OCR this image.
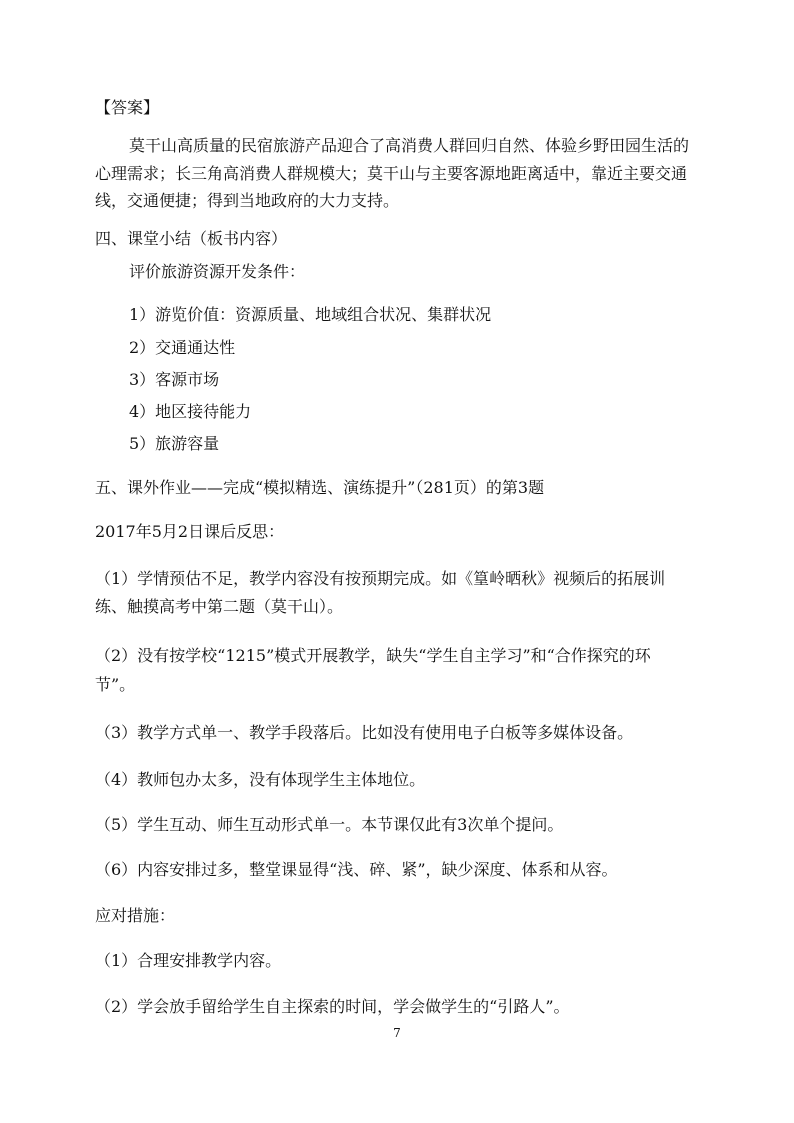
【答案】
莫干山高质量的民宿旅游产品迎合了高消费人群回归自然、体验乡野田园生活的
心理需求；长三角高消费人群规模大；莫干山与主要客源地距离适中，靠近主要交通
线，交通便捷；得到当地政府的大力支持。
四、课堂小结（板书内容）
评价旅游资源开发条件：
1）游览价值：资源质量、地域组合状况、集群状况
2）交通通达性
3）客源市场
4）地区接待能力
5）旅游容量
五、课外作业——完成“模拟精选、演练提升”（281页）的第3题
2017年5月2日课后反思：
（1）学情预估不足，教学内容没有按预期完成。如《篁岭晒秋》视频后的拓展训
练、触摸高考中第二题（莫干山）。
（2）没有按学校“1215”模式开展教学，缺失“学生自主学习”和“合作探究的环
节”。
（3）教学方式单一、教学手段落后。比如没有使用电子白板等多媒体设备。
（4）教师包办太多，没有体现学生主体地位。
（5）学生互动、师生互动形式单一。本节课仅此有3次单个提问。
（6）内容安排过多，整堂课显得“浅、碎、紧”，缺少深度、体系和从容。
应对措施：
（1）合理安排教学内容。
（2）学会放手留给学生自主探索的时间，学会做学生的“引路人”。
7
